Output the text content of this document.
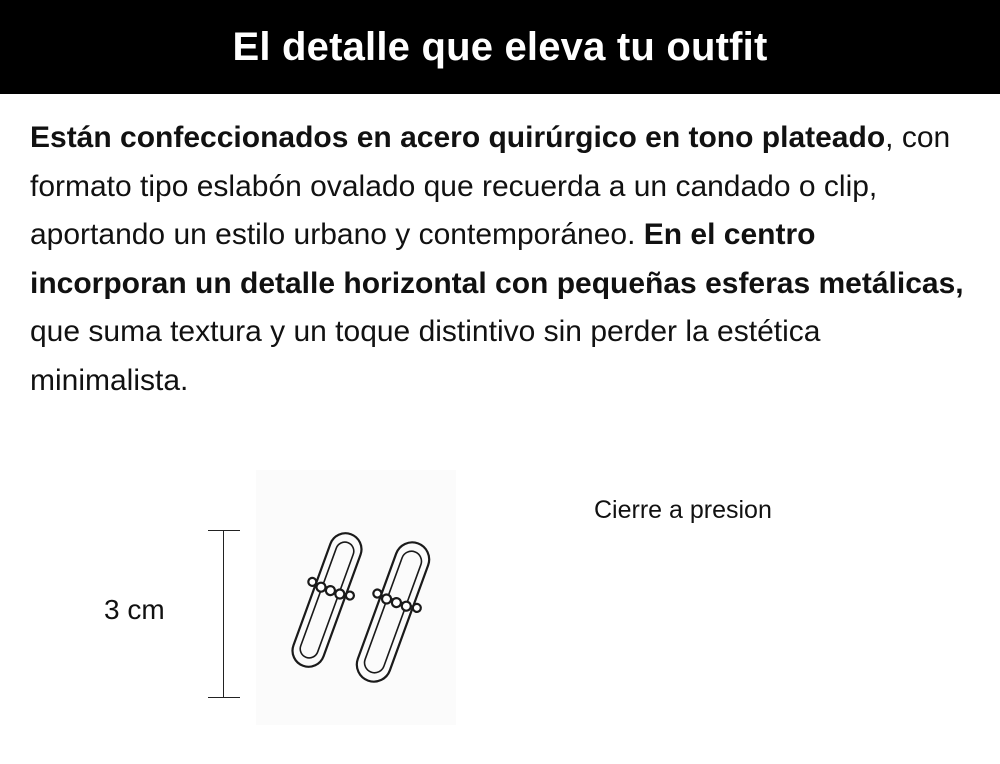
El detalle que eleva tu outfit

Están confeccionados en acero quirúrgico en tono plateado, con formato tipo eslabón ovalado que recuerda a un candado o clip, aportando un estilo urbano y contemporáneo. En el centro incorporan un detalle horizontal con pequeñas esferas metálicas, que suma textura y un toque distintivo sin perder la estética minimalista.

3 cm
Cierre a presion
